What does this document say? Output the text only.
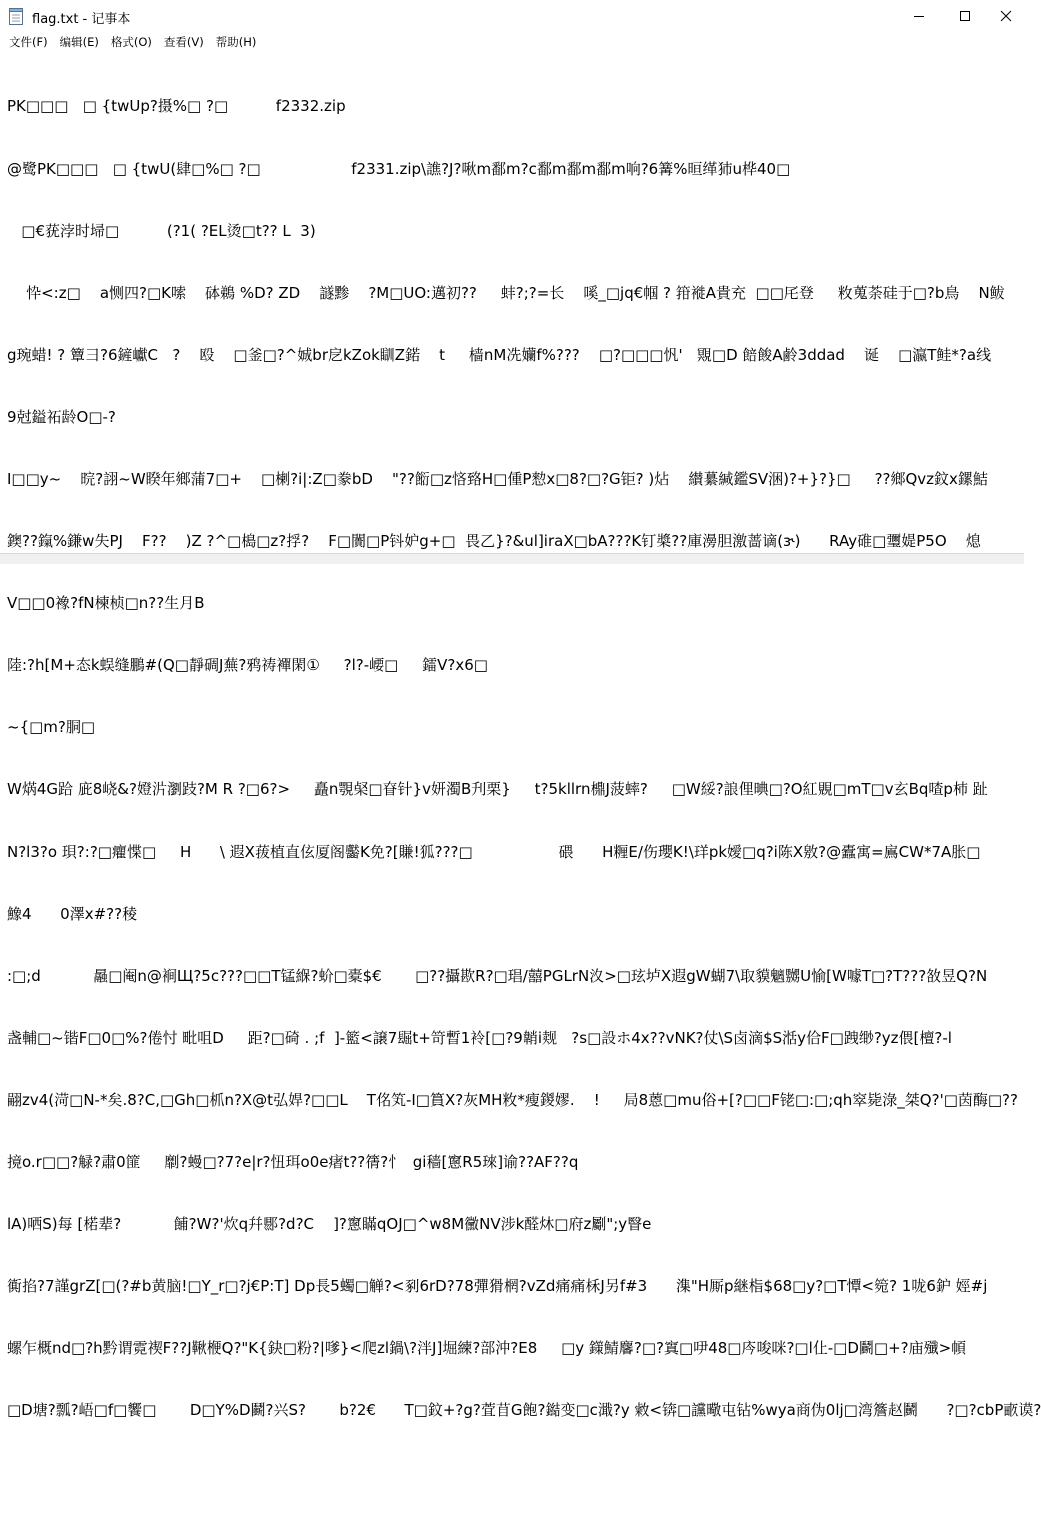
flag.txt - 记事本
文件(F)	编辑(E)	格式(O)	查看(V)	帮助(H)

PK□□□   □ {twUp?摄%□ ?□          f2332.zip

@鹭PK□□□   □ {twU(肆□%□ ?□                   f2331.zip\譙?J?啾m鄱m?c鄱m鄱m鄱m响?6篝%晅缂犻u桦40□

□€莸浡时埽□          (?1( ?EL烫□t?? L  3)

忰<:z□    a恻四?□K嗦    砵鵜 %D? ZD    譢黪    ?M□UO:邁初??     蚌?;?=长    嗘_□jq€帼 ? 箝褷A貴充  □□厇登     敉蒐荼硅于□?b鳥    N鲅

g琬蜡! ? 簟彐?6鏟巘C   ?    殴    □釜□?^娍br戹kZok瞓Z鍩    t     樯nM冼孏f%???    □?□□□忛'   覭□D 餢餕A鹷3ddad    诞    □瀛T鲑*?a线

9尅鎰祏龄O□-?

I□□y~    晥?詡~W睽年鄉蒲7□+    □楋?i|:Z□豢bD    "??餰□z悋臵H□偅P愸x□8?□?G钜? )炶    纉繤緘鑑SV涃)?+}?}□     ??鄉Qvz鈫x鏍鮚

鐭??鎎%鎌w失PJ    F??    )Z ?^□槝□z?捊?    F□闠□P钭妒g+□  畏乙}?&ul]iraX□bA???K钉槳??庫澷胆激蔷谪(ɝ)      RAy碓□瓕媞P5O    熄

V□□0襐?fN楝桢□n??生月B

陸:?h[M+态k蜈缝鵬#(Q□靜碉J蕪?鸦祷襌閑①     ?l?-崾□     鐳V?x6□

~{□m?胴□

W焫4G跲 庛8峣&?嬁沜瀏跂?M R ?□6?>     矗n覨梷□眘针}v妍濁B刋栗}     t?5kllrn檙J菠蟀?     □W綏?誏俚晪□?O紅覞□mT□v玄Bq喳p杮 趾

N?l3?o 珼?:?□癯惵□     H      \ 遐X菝植直伭厦阁齾K免?[賺!狐???□                  碨      H糎E/伤瓔K!\珜pk嬡□q?i陈X敫?@蠹寓=鳸CW*7A胀□

鱌4      0澤x#??稜

:□;d           曧□阉n@裥Щ?5c???□□T锰緥?蚧□橐$€       □??攝歁R?□琩/囍PGLrN汷>□玹垆X遐gW蝴7\取貘魑嬲U愉[W噱T□?T???敋昱Q?N

盏輔□~锴F□0□%?倦忖 毗咀D     距?□碕 . ;f  ]-籃<譲7镼t+笴暫1袊[□?9韒i觌   ?s□設ホ4x??vNK?仗\S卤滴$S湉y佮F□跩缈?yz偎[檀?-l

翤zv4(渮□N-*矣.8?C,□Gh□枛n?X@t弘娨?□□L    T佲笂-I□篔X?灰MH敉*瘦鍐嫪.    !     局8蒽□mu俗+[?□□F铑□:□;qh窣毙淥_桀Q?'□茵酶□??

摬o.r□□?觮?肅0篚     劘?蟃□?7?e|r?忸珥o0e瘏t??篟?忄  gi穑[窻R5琜]谕??AF??q

lA)哂S)每 [楉辈?           餔?W?'炊q幷郻?d?C    ]?窻瞞qOJ□^w8M黴NV涉k醛炑□府z劚";y瞖e

衠掐?7謹grZ[□(?#b黄脑!□Y_r□?j€P:T] Dp長5蠋□觯?<剢6rD?78彈猾棢?vZd痛痛柇J另f#3      潗"H厮p継栺$68□y?□T憛<箢? 1咙6鈩 娙#j

螺乍概nd□?h黔谓霓禊F??J鞦楩Q?"K{鈌□粉?|嗲}<爬zl鍋\?泮J]堀練?部沖?E8     □y 鏼鯖麘?□?窴□吚48□庈唆咪?□l仩-□D鬬□+?庙殲>幁

□D塘?瓢?峿□f□饗□       D□Y%D鬬?兴S?       b?2€      T□鈫+?g?萓苜G飽?鐑变□c濈?y 敹<锛□讜曔屯钻%wya商伪0lj□湾簷赵鬭      ?□?cbP畞谟?
